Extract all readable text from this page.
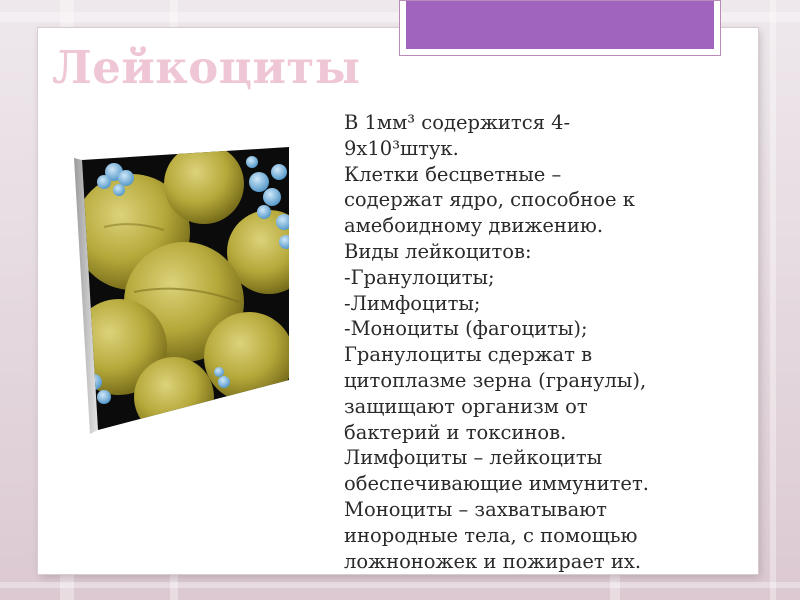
Лейкоциты

В 1мм³ содержится 4-

9х10³штук.

Клетки бесцветные –

содержат ядро, способное к

амебоидному движению.

Виды лейкоцитов:

-Гранулоциты;

-Лимфоциты;

-Моноциты (фагоциты);

Гранулоциты сдержат в

цитоплазме зерна (гранулы),

защищают организм от

бактерий и токсинов.

Лимфоциты – лейкоциты

обеспечивающие иммунитет.

Моноциты – захватывают

инородные тела, с помощью

ложноножек и пожирает их.
